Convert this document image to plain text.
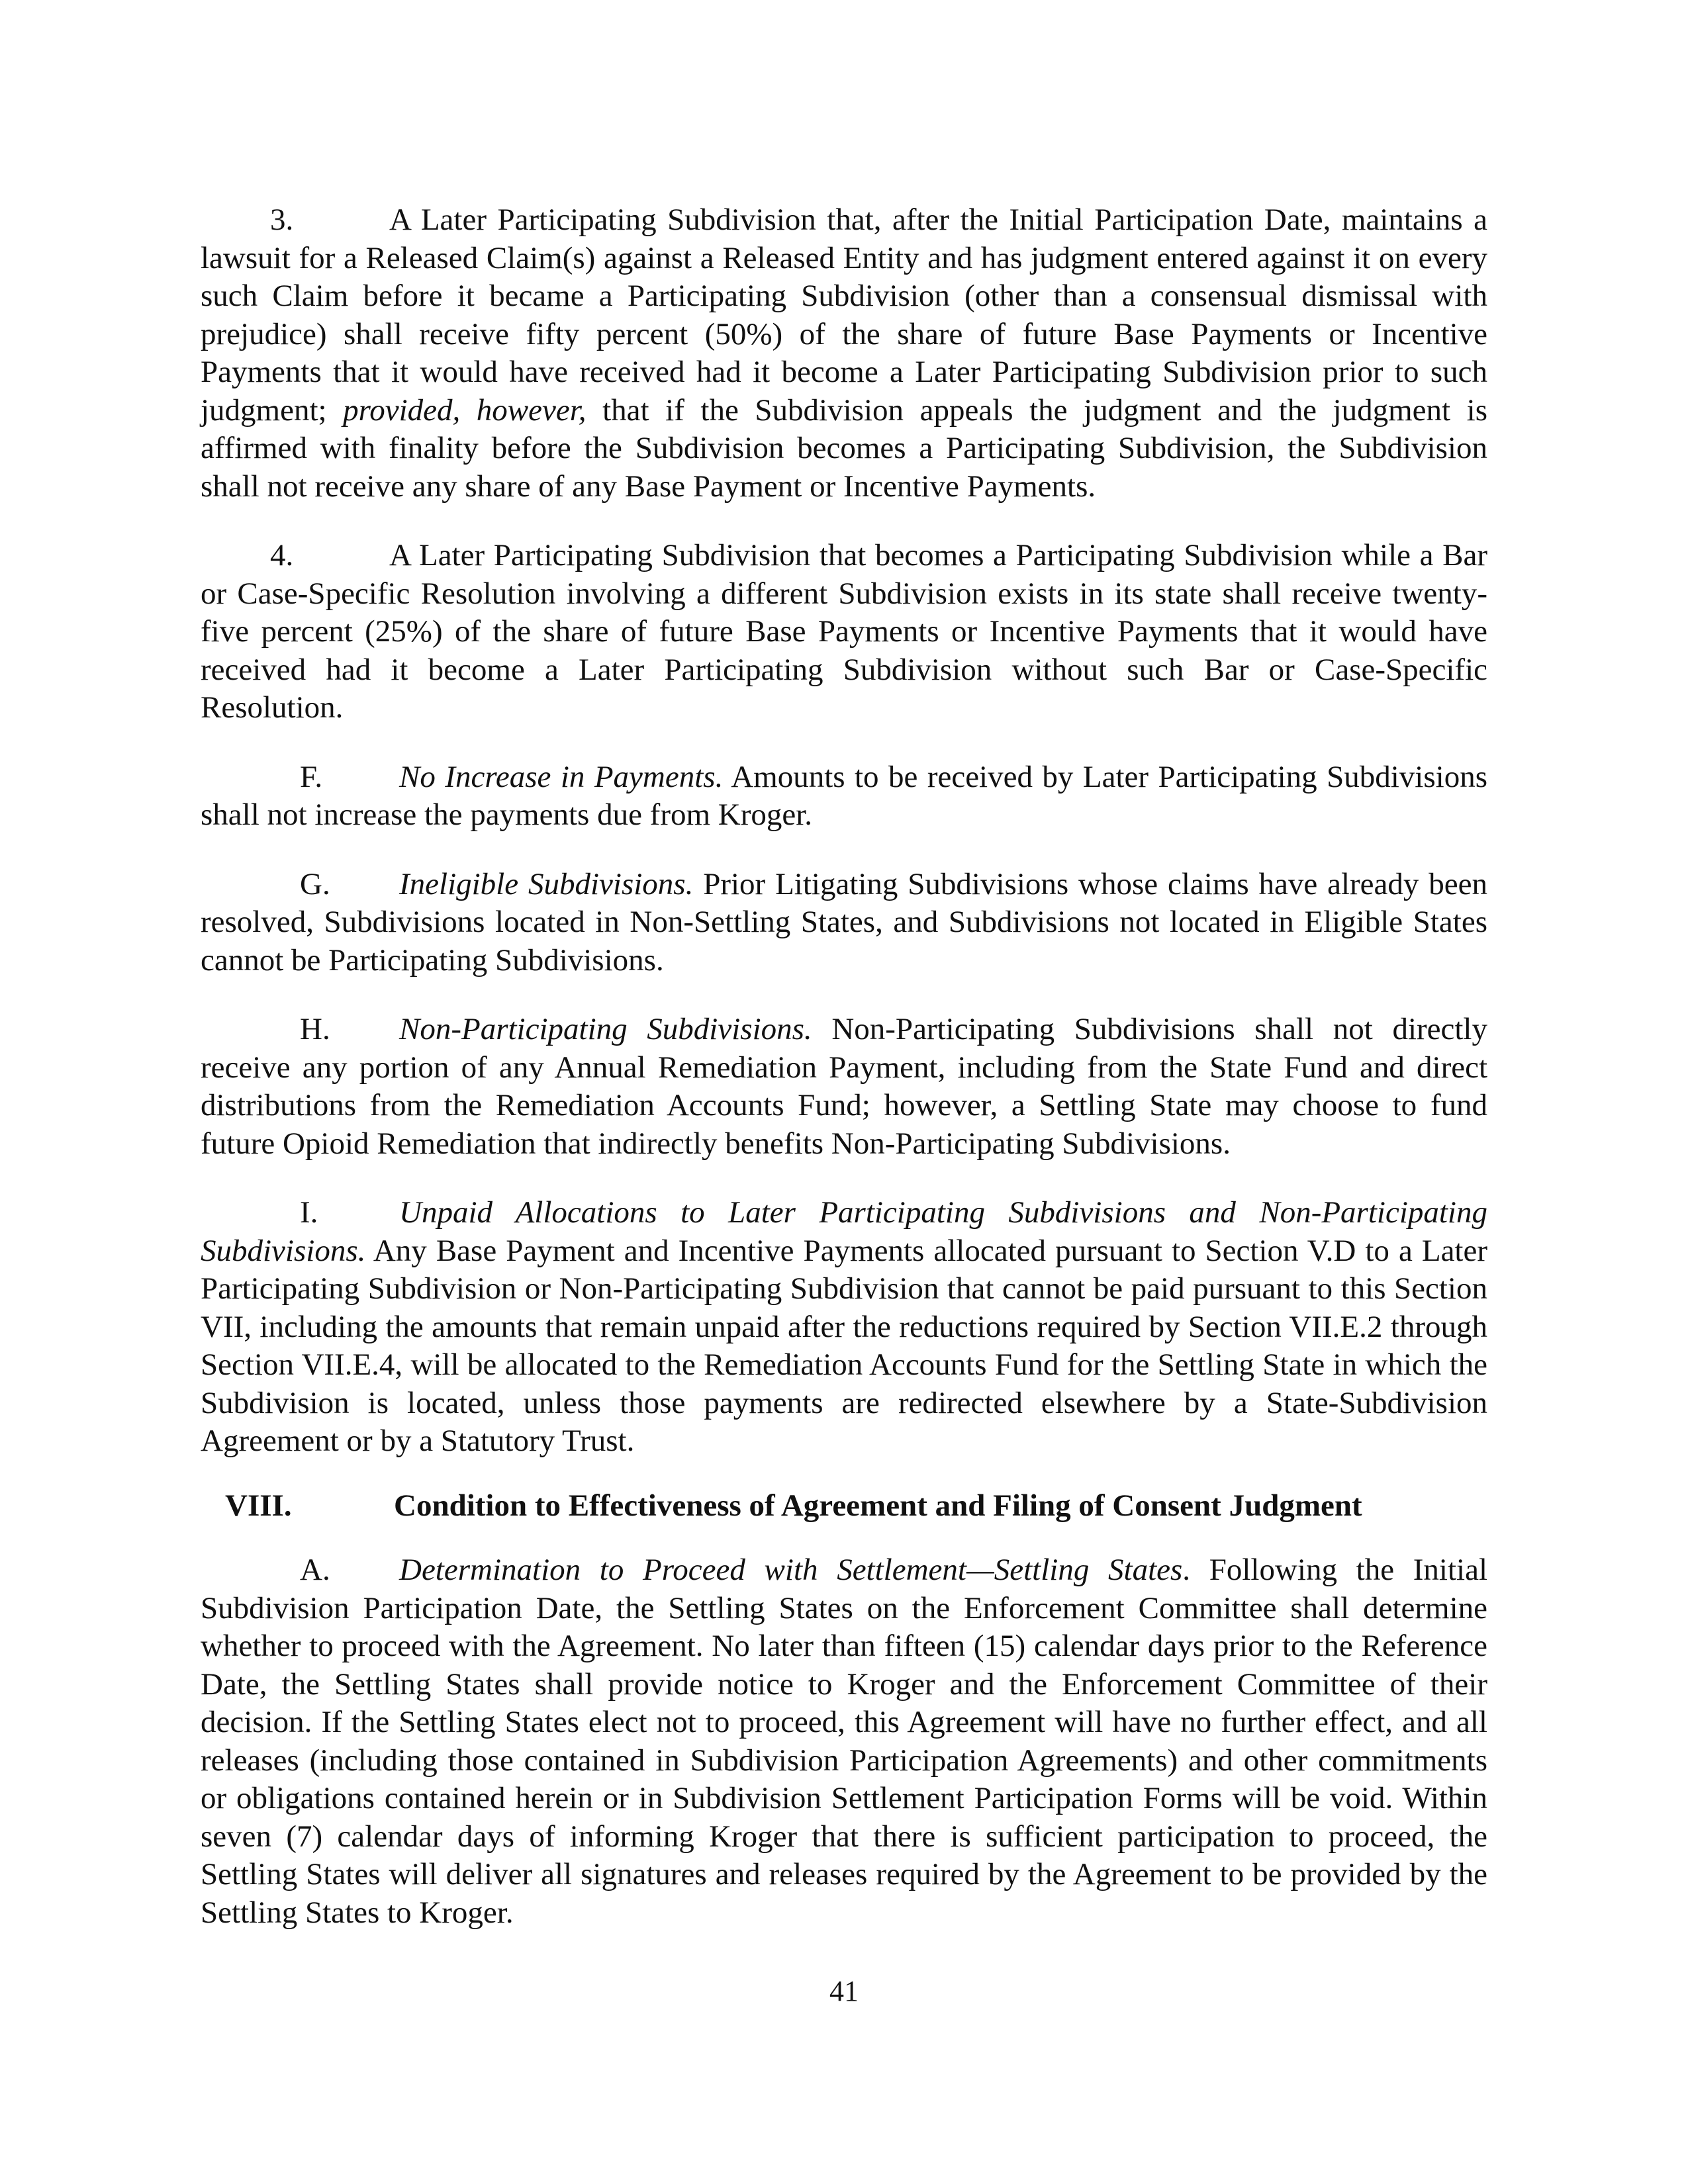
3.	A Later Participating Subdivision that, after the Initial Participation Date, maintains a lawsuit for a Released Claim(s) against a Released Entity and has judgment entered against it on every such Claim before it became a Participating Subdivision (other than a consensual dismissal with prejudice) shall receive fifty percent (50%) of the share of future Base Payments or Incentive Payments that it would have received had it become a Later Participating Subdivision prior to such judgment; provided, however, that if the Subdivision appeals the judgment and the judgment is affirmed with finality before the Subdivision becomes a Participating Subdivision, the Subdivision shall not receive any share of any Base Payment or Incentive Payments.

4.	A Later Participating Subdivision that becomes a Participating Subdivision while a Bar or Case-Specific Resolution involving a different Subdivision exists in its state shall receive twenty-five percent (25%) of the share of future Base Payments or Incentive Payments that it would have received had it become a Later Participating Subdivision without such Bar or Case-Specific Resolution.

F. No Increase in Payments. Amounts to be received by Later Participating Subdivisions shall not increase the payments due from Kroger.

G. Ineligible Subdivisions. Prior Litigating Subdivisions whose claims have already been resolved, Subdivisions located in Non-Settling States, and Subdivisions not located in Eligible States cannot be Participating Subdivisions.

H. Non-Participating Subdivisions. Non-Participating Subdivisions shall not directly receive any portion of any Annual Remediation Payment, including from the State Fund and direct distributions from the Remediation Accounts Fund; however, a Settling State may choose to fund future Opioid Remediation that indirectly benefits Non-Participating Subdivisions.

I.	Unpaid Allocations to Later Participating Subdivisions and Non-Participating Subdivisions. Any Base Payment and Incentive Payments allocated pursuant to Section V.D to a Later Participating Subdivision or Non-Participating Subdivision that cannot be paid pursuant to this Section VII, including the amounts that remain unpaid after the reductions required by Section VII.E.2 through Section VII.E.4, will be allocated to the Remediation Accounts Fund for the Settling State in which the Subdivision is located, unless those payments are redirected elsewhere by a State-Subdivision Agreement or by a Statutory Trust.

VIII.	Condition to Effectiveness of Agreement and Filing of Consent Judgment

A. Determination to Proceed with Settlement—Settling States. Following the Initial Subdivision Participation Date, the Settling States on the Enforcement Committee shall determine whether to proceed with the Agreement. No later than fifteen (15) calendar days prior to the Reference Date, the Settling States shall provide notice to Kroger and the Enforcement Committee of their decision. If the Settling States elect not to proceed, this Agreement will have no further effect, and all releases (including those contained in Subdivision Participation Agreements) and other commitments or obligations contained herein or in Subdivision Settlement Participation Forms will be void. Within seven (7) calendar days of informing Kroger that there is sufficient participation to proceed, the Settling States will deliver all signatures and releases required by the Agreement to be provided by the Settling States to Kroger.

41
